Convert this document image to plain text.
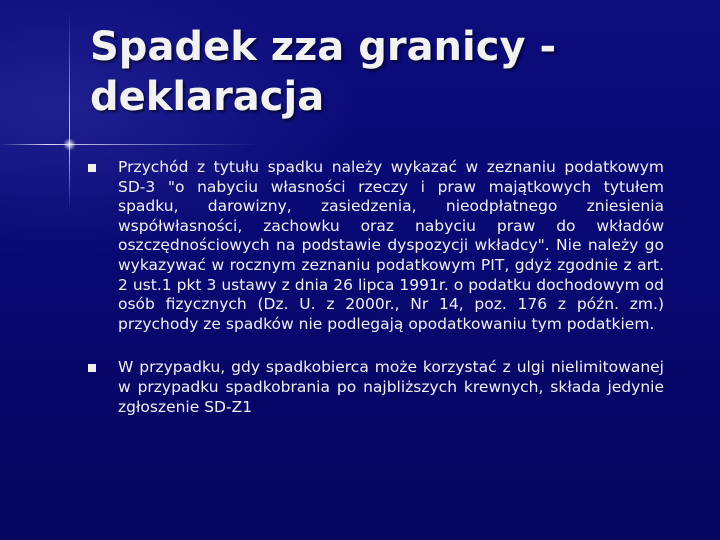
Spadek zza granicy - deklaracja
Przychód z tytułu spadku należy wykazać w zeznaniu podatkowym SD-3 "o nabyciu własności rzeczy i praw majątkowych tytułem spadku, darowizny, zasiedzenia, nieodpłatnego zniesienia współwłasności, zachowku oraz nabyciu praw do wkładów oszczędnościowych na podstawie dyspozycji wkładcy". Nie należy go wykazywać w rocznym zeznaniu podatkowym PIT, gdyż zgodnie z art. 2 ust.1 pkt 3 ustawy z dnia 26 lipca 1991r. o podatku dochodowym od osób fizycznych (Dz. U. z 2000r., Nr 14, poz. 176 z późn. zm.) przychody ze spadków nie podlegają opodatkowaniu tym podatkiem.
W przypadku, gdy spadkobierca może korzystać z ulgi nielimitowanej w przypadku spadkobrania po najbliższych krewnych, składa jedynie zgłoszenie SD-Z1
